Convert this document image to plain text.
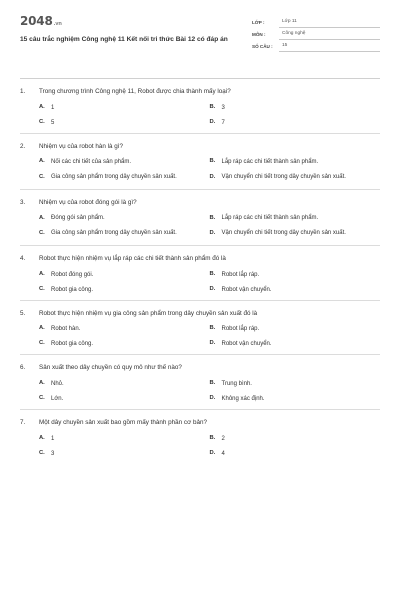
2048.vn
15 câu trắc nghiệm Công nghệ 11 Kết nối tri thức Bài 12 có đáp án
LỚP :	Lớp 11
MÔN :	Công nghệ
SỐ CÂU :	15
1.	Trong chương trình Công nghệ 11, Robot được chia thành mấy loại?
A.	1	B.	3
C.	5	D.	7
2.	Nhiệm vụ của robot hàn là gì?
A.	Nối các chi tiết của sản phẩm.	B.	Lắp ráp các chi tiết thành sản phẩm.
C.	Gia công sản phẩm trong dây chuyền sản xuất.	D.	Vận chuyển chi tiết trong dây chuyền sản xuất.
3.	Nhiệm vụ của robot đóng gói là gì?
A.	Đóng gói sản phẩm.	B.	Lắp ráp các chi tiết thành sản phẩm.
C.	Gia công sản phẩm trong dây chuyền sản xuất.	D.	Vận chuyển chi tiết trong dây chuyền sản xuất.
4.	Robot thực hiện nhiệm vụ lắp ráp các chi tiết thành sản phẩm đó là
A.	Robot đóng gói.	B.	Robot lắp ráp.
C.	Robot gia công.	D.	Robot vận chuyển.
5.	Robot thực hiện nhiệm vụ gia công sản phẩm trong dây chuyền sản xuất đó là
A.	Robot hàn.	B.	Robot lắp ráp.
C.	Robot gia công.	D.	Robot vận chuyển.
6.	Sản xuất theo dây chuyền có quy mô như thế nào?
A.	Nhỏ.	B.	Trung bình.
C.	Lớn.	D.	Không xác định.
7.	Một dây chuyền sản xuất bao gồm mấy thành phần cơ bản?
A.	1	B.	2
C.	3	D.	4
